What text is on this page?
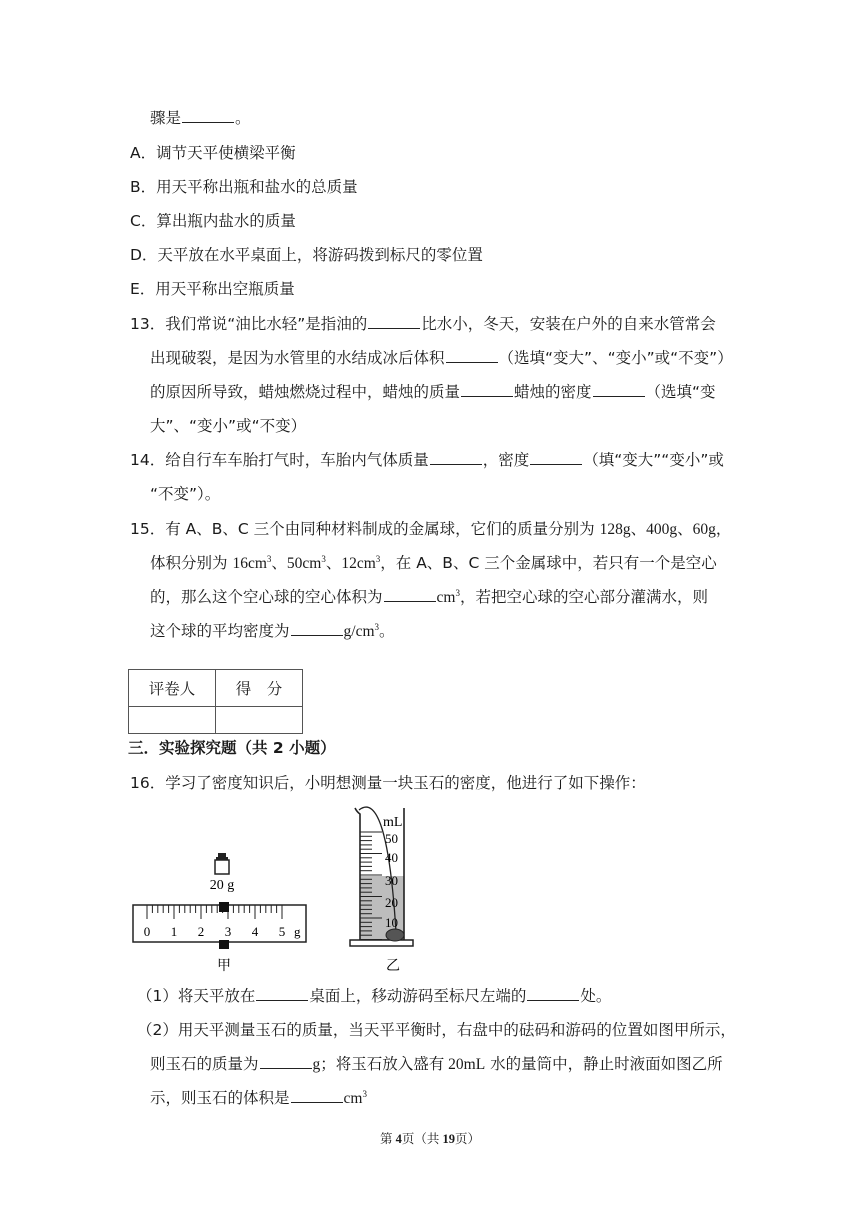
骤是	。
A．调节天平使横梁平衡
B．用天平称出瓶和盐水的总质量
C．算出瓶内盐水的质量
D．天平放在水平桌面上，将游码拨到标尺的零位置
E．用天平称出空瓶质量
13．我们常说“油比水轻”是指油的	比水小，冬天，安装在户外的自来水管常会
出现破裂，是因为水管里的水结成冰后体积	（选填“变大”、“变小”或“不变”）
的原因所导致，蜡烛燃烧过程中，蜡烛的质量	蜡烛的密度	（选填“变
大”、“变小”或“不变）
14．给自行车车胎打气时，车胎内气体质量	，密度	（填“变大”“变小”或
“不变”）。
15．有 A、B、C 三个由同种材料制成的金属球，它们的质量分别为 128g、400g、60g，
体积分别为 $16cm^3$、$50cm^3$、$12cm^3$，在 A、B、C 三个金属球中，若只有一个是空心
的，那么这个空心球的空心体积为	$cm^3$，若把空心球的空心部分灌满水，则
这个球的平均密度为	$g/cm^3$。
评卷人	得　分

三．实验探究题（共 2 小题）
16．学习了密度知识后，小明想测量一块玉石的密度，他进行了如下操作：
20 g
0 1 2 3 4 5 g
甲
mL
50
40
30
20
10
乙
（1）将天平放在	桌面上，移动游码至标尺左端的	处。
（2）用天平测量玉石的质量，当天平平衡时，右盘中的砝码和游码的位置如图甲所示，
则玉石的质量为	g；将玉石放入盛有 20mL 水的量筒中，静止时液面如图乙所
示，则玉石的体积是	$cm^3$
第 4页（共 19页）
